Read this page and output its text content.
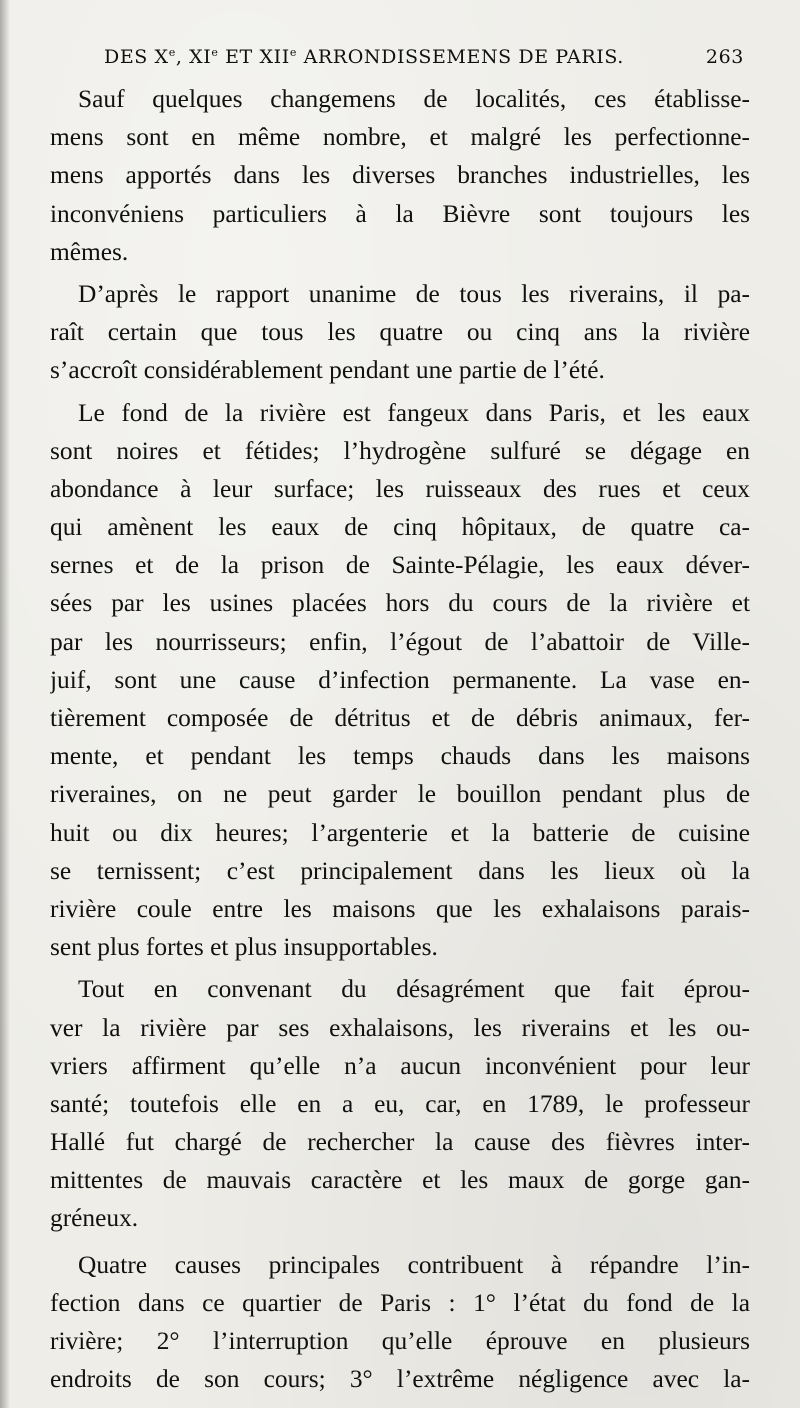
DES Xe, XIe ET XIIe ARRONDISSEMENS DE PARIS.	263
Sauf quelques changemens de localités, ces établisse-
mens sont en même nombre, et malgré les perfectionne-
mens apportés dans les diverses branches industrielles, les
inconvéniens particuliers à la Bièvre sont toujours les
mêmes.
D’après le rapport unanime de tous les riverains, il pa-
raît certain que tous les quatre ou cinq ans la rivière
s’accroît considérablement pendant une partie de l’été.
Le fond de la rivière est fangeux dans Paris, et les eaux
sont noires et fétides; l’hydrogène sulfuré se dégage en
abondance à leur surface; les ruisseaux des rues et ceux
qui amènent les eaux de cinq hôpitaux, de quatre ca-
sernes et de la prison de Sainte-Pélagie, les eaux déver-
sées par les usines placées hors du cours de la rivière et
par les nourrisseurs; enfin, l’égout de l’abattoir de Ville-
juif, sont une cause d’infection permanente. La vase en-
tièrement composée de détritus et de débris animaux, fer-
mente, et pendant les temps chauds dans les maisons
riveraines, on ne peut garder le bouillon pendant plus de
huit ou dix heures; l’argenterie et la batterie de cuisine
se ternissent; c’est principalement dans les lieux où la
rivière coule entre les maisons que les exhalaisons parais-
sent plus fortes et plus insupportables.
Tout en convenant du désagrément que fait éprou-
ver la rivière par ses exhalaisons, les riverains et les ou-
vriers affirment qu’elle n’a aucun inconvénient pour leur
santé; toutefois elle en a eu, car, en 1789, le professeur
Hallé fut chargé de rechercher la cause des fièvres inter-
mittentes de mauvais caractère et les maux de gorge gan-
gréneux.
Quatre causes principales contribuent à répandre l’in-
fection dans ce quartier de Paris : 1° l’état du fond de la
rivière; 2° l’interruption qu’elle éprouve en plusieurs
endroits de son cours; 3° l’extrême négligence avec la-
